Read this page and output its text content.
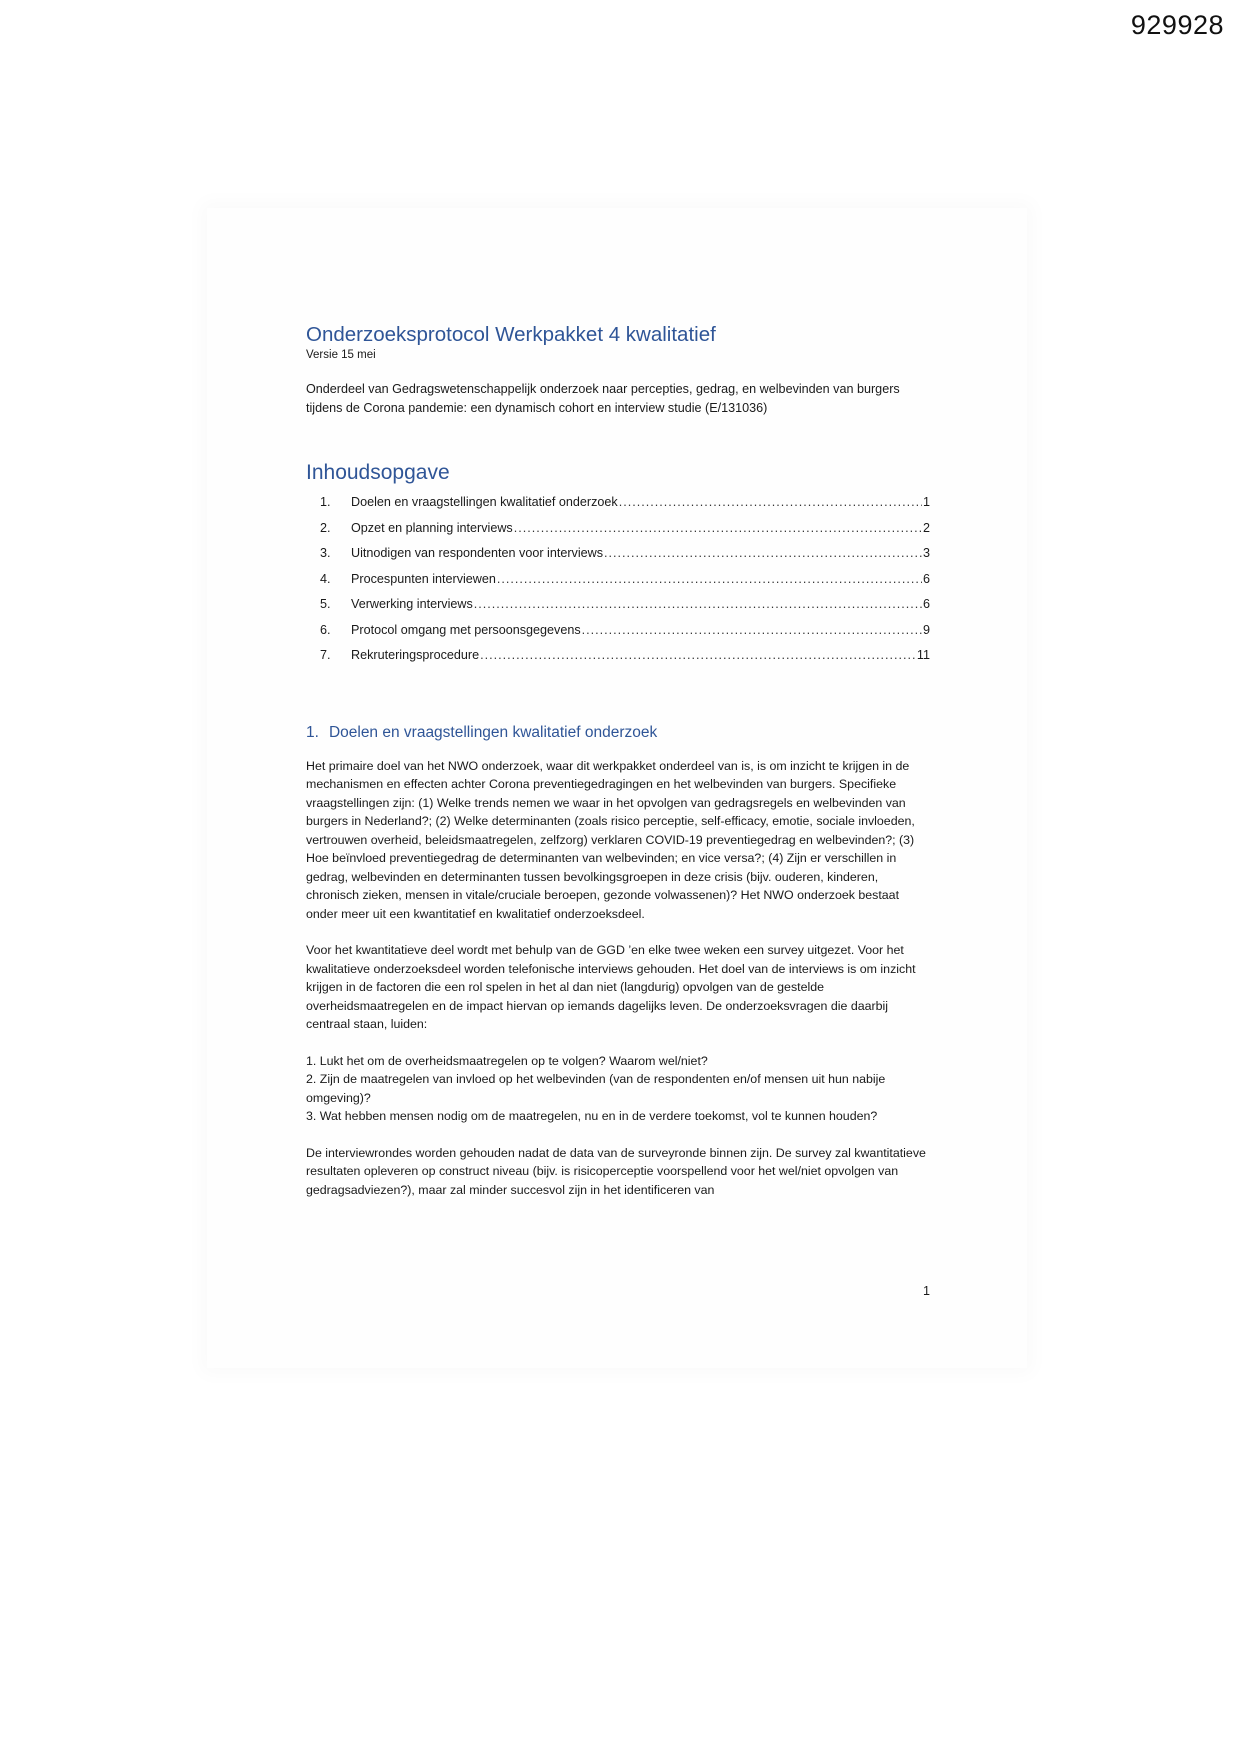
929928
Onderzoeksprotocol Werkpakket 4 kwalitatief

Versie 15 mei

Onderdeel van Gedragswetenschappelijk onderzoek naar percepties, gedrag, en welbevinden van burgers tijdens de Corona pandemie: een dynamisch cohort en interview studie (E/131036)

Inhoudsopgave
1.	Doelen en vraagstellingen kwalitatief onderzoek .....	1
2.	Opzet en planning interviews .....	2
3.	Uitnodigen van respondenten voor interviews .....	3
4.	Procespunten interviewen .....	6
5.	Verwerking interviews .....	6
6.	Protocol omgang met persoonsgegevens .....	9
7.	Rekruteringsprocedure .....	11
1. Doelen en vraagstellingen kwalitatief onderzoek

Het primaire doel van het NWO onderzoek, waar dit werkpakket onderdeel van is, is om inzicht te krijgen in de mechanismen en effecten achter Corona preventiegedragingen en het welbevinden van burgers. Specifieke vraagstellingen zijn: (1) Welke trends nemen we waar in het opvolgen van gedragsregels en welbevinden van burgers in Nederland?; (2) Welke determinanten (zoals risico perceptie, self-efficacy, emotie, sociale invloeden, vertrouwen overheid, beleidsmaatregelen, zelfzorg) verklaren COVID-19 preventiegedrag en welbevinden?; (3) Hoe beïnvloed preventiegedrag de determinanten van welbevinden; en vice versa?; (4) Zijn er verschillen in gedrag, welbevinden en determinanten tussen bevolkingsgroepen in deze crisis (bijv. ouderen, kinderen, chronisch zieken, mensen in vitale/cruciale beroepen, gezonde volwassenen)? Het NWO onderzoek bestaat onder meer uit een kwantitatief en kwalitatief onderzoeksdeel.

Voor het kwantitatieve deel wordt met behulp van de GGD ’en elke twee weken een survey uitgezet. Voor het kwalitatieve onderzoeksdeel worden telefonische interviews gehouden. Het doel van de interviews is om inzicht krijgen in de factoren die een rol spelen in het al dan niet (langdurig) opvolgen van de gestelde overheidsmaatregelen en de impact hiervan op iemands dagelijks leven. De onderzoeksvragen die daarbij centraal staan, luiden:

1. Lukt het om de overheidsmaatregelen op te volgen? Waarom wel/niet?
2. Zijn de maatregelen van invloed op het welbevinden (van de respondenten en/of mensen uit hun nabije omgeving)?
3. Wat hebben mensen nodig om de maatregelen, nu en in de verdere toekomst, vol te kunnen houden?

De interviewrondes worden gehouden nadat de data van de surveyronde binnen zijn. De survey zal kwantitatieve resultaten opleveren op construct niveau (bijv. is risicoperceptie voorspellend voor het wel/niet opvolgen van gedragsadviezen?), maar zal minder succesvol zijn in het identificeren van

1
